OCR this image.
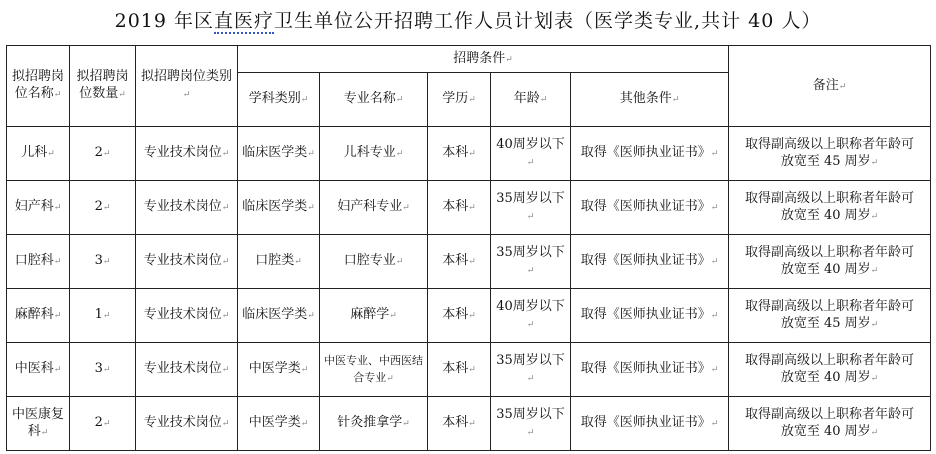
2019 年区直医疗卫生单位公开招聘工作人员计划表（医学类专业,共计 40 人）
拟招聘岗位名称↵	拟招聘岗位数量↵	拟招聘岗位类别↵	招聘条件↵					备注↵
			学科类别↵	专业名称↵	学历↵	年龄↵	其他条件↵	
儿科↵	2↵	专业技术岗位↵	临床医学类↵	儿科专业↵	本科↵	40周岁以下↵	取得《医师执业证书》↵	取得副高级以上职称者年龄可
放宽至 45 周岁↵

妇产科↵	2↵	专业技术岗位↵	临床医学类↵	妇产科专业↵	本科↵	35周岁以下↵	取得《医师执业证书》↵	取得副高级以上职称者年龄可
放宽至 40 周岁↵

口腔科↵	3↵	专业技术岗位↵	口腔类↵	口腔专业↵	本科↵	35周岁以下↵	取得《医师执业证书》↵	取得副高级以上职称者年龄可
放宽至 40 周岁↵

麻醉科↵	1↵	专业技术岗位↵	临床医学类↵	麻醉学↵	本科↵	40周岁以下↵	取得《医师执业证书》↵	取得副高级以上职称者年龄可
放宽至 45 周岁↵

中医科↵	3↵	专业技术岗位↵	中医学类↵	中医专业、中西医结合专业↵	本科↵	35周岁以下↵	取得《医师执业证书》↵	取得副高级以上职称者年龄可
放宽至 40 周岁↵

中医康复科↵	2↵	专业技术岗位↵	中医学类↵	针灸推拿学↵	本科↵	35周岁以下↵	取得《医师执业证书》↵	取得副高级以上职称者年龄可
放宽至 40 周岁↵
